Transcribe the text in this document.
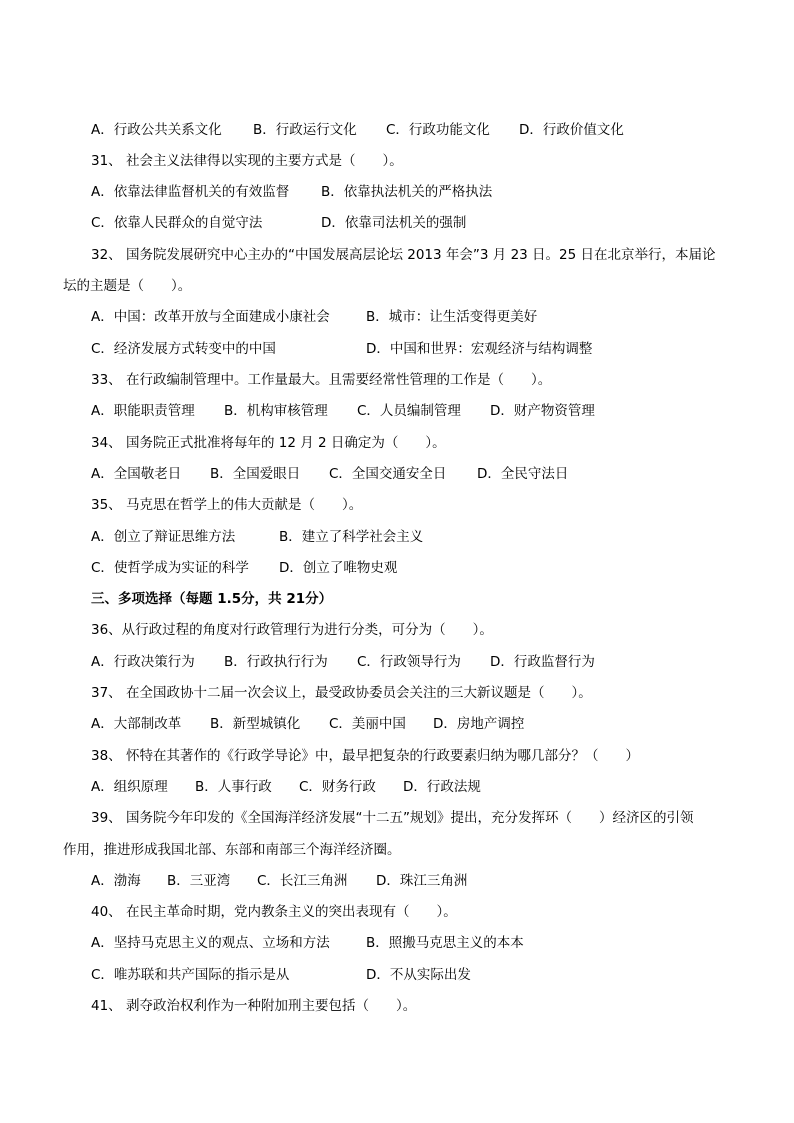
A．行政公共关系文化 B．行政运行文化 C．行政功能文化 D．行政价值文化
31、 社会主义法律得以实现的主要方式是（　　）。
A．依靠法律监督机关的有效监督 B．依靠执法机关的严格执法
C．依靠人民群众的自觉守法	D．依靠司法机关的强制
32、 国务院发展研究中心主办的“中国发展高层论坛 2013 年会”3 月 23 日。25 日在北京举行，本届论
坛的主题是（　　）。
A．中国：改革开放与全面建成小康社会	B．城市：让生活变得更美好
C．经济发展方式转变中的中国	D．中国和世界：宏观经济与结构调整
33、 在行政编制管理中。工作量最大。且需要经常性管理的工作是（　　）。
A．职能职责管理 B．机构审核管理 C．人员编制管理 D．财产物资管理
34、 国务院正式批准将每年的 12 月 2 日确定为（　　）。
A．全国敬老日 B．全国爱眼日 C．全国交通安全日 D．全民守法日
35、 马克思在哲学上的伟大贡献是（　　）。
A．创立了辩证思维方法	B．建立了科学社会主义
C．使哲学成为实证的科学 D．创立了唯物史观
三、多项选择（每题 1.5分，共 21分）
36、从行政过程的角度对行政管理行为进行分类，可分为（　　）。
A．行政决策行为 B．行政执行行为 C．行政领导行为 D．行政监督行为
37、 在全国政协十二届一次会议上，最受政协委员会关注的三大新议题是（　　）。
A．大部制改革 B．新型城镇化 C．美丽中国 D．房地产调控
38、 怀特在其著作的《行政学导论》中，最早把复杂的行政要素归纳为哪几部分？（　　）
A．组织原理 B．人事行政 C．财务行政 D．行政法规
39、 国务院今年印发的《全国海洋经济发展“十二五”规划》提出，充分发挥环（　　）经济区的引领
作用，推进形成我国北部、东部和南部三个海洋经济圈。
A．渤海 B．三亚湾 C．长江三角洲 D．珠江三角洲
40、 在民主革命时期，党内教条主义的突出表现有（　　）。
A．坚持马克思主义的观点、立场和方法	B．照搬马克思主义的本本
C．唯苏联和共产国际的指示是从	D．不从实际出发
41、 剥夺政治权利作为一种附加刑主要包括（　　）。
